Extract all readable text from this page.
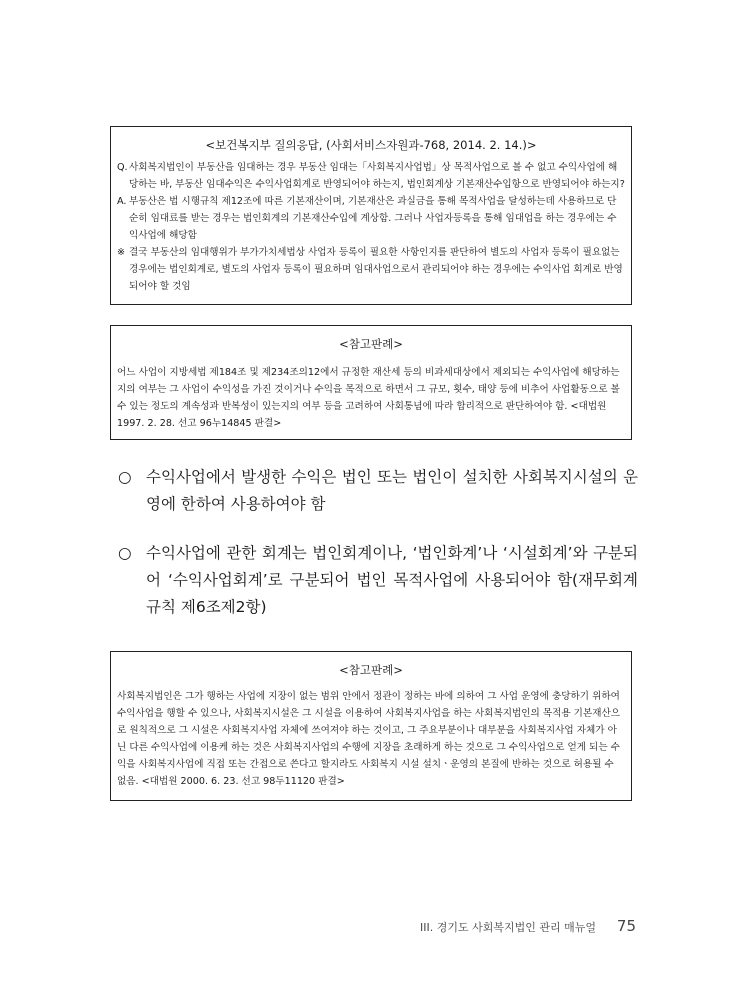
<보건복지부 질의응답, (사회서비스자원과-768, 2014. 2. 14.)>
Q. 사회복지법인이 부동산을 임대하는 경우 부동산 임대는「사회복지사업법」상 목적사업으로 볼 수 없고 수익사업에 해당하는 바, 부동산 임대수익은 수익사업회계로 반영되어야 하는지, 법인회계상 기본재산수입항으로 반영되어야 하는지?
A. 부동산은 법 시행규칙 제12조에 따른 기본재산이며, 기본재산은 과실금을 통해 목적사업을 달성하는데 사용하므로 단순히 임대료를 받는 경우는 법인회계의 기본재산수입에 계상함. 그러나 사업자등록을 통해 임대업을 하는 경우에는 수익사업에 해당함
※ 결국 부동산의 임대행위가 부가가치세법상 사업자 등록이 필요한 사항인지를 판단하여 별도의 사업자 등록이 필요없는 경우에는 법인회계로, 별도의 사업자 등록이 필요하며 임대사업으로서 관리되어야 하는 경우에는 수익사업 회계로 반영되어야 할 것임
<참고판례>

어느 사업이 지방세법 제184조 및 제234조의12에서 규정한 재산세 등의 비과세대상에서 제외되는 수익사업에 해당하는지의 여부는 그 사업이 수익성을 가진 것이거나 수익을 목적으로 하면서 그 규모, 횟수, 태양 등에 비추어 사업활동으로 볼 수 있는 정도의 계속성과 반복성이 있는지의 여부 등을 고려하여 사회통념에 따라 합리적으로 판단하여야 함. <대법원 1997. 2. 28. 선고 96누14845 판결>

○ 수익사업에서 발생한 수익은 법인 또는 법인이 설치한 사회복지시설의 운영에 한하여 사용하여야 함
○ 수익사업에 관한 회계는 법인회계이나, ‘법인화계’나 ‘시설회계’와 구분되어 ‘수익사업회계’로 구분되어 법인 목적사업에 사용되어야 함(재무회계 규칙 제6조제2항)
<참고판례>

사회복지법인은 그가 행하는 사업에 지장이 없는 범위 안에서 정관이 정하는 바에 의하여 그 사업 운영에 충당하기 위하여 수익사업을 행할 수 있으나, 사회복지시설은 그 시설을 이용하여 사회복지사업을 하는 사회복지법인의 목적용 기본재산으로 원칙적으로 그 시설은 사회복지사업 자체에 쓰여져야 하는 것이고, 그 주요부분이나 대부분을 사회복지사업 자체가 아닌 다른 수익사업에 이용케 하는 것은 사회복지사업의 수행에 지장을 초래하게 하는 것으로 그 수익사업으로 얻게 되는 수익을 사회복지사업에 직접 또는 간접으로 쓴다고 할지라도 사회복지 시설 설치ㆍ운영의 본질에 반하는 것으로 허용될 수 없음. <대법원 2000. 6. 23. 선고 98두11120 판결>

III. 경기도 사회복지법인 관리 매뉴얼 75
